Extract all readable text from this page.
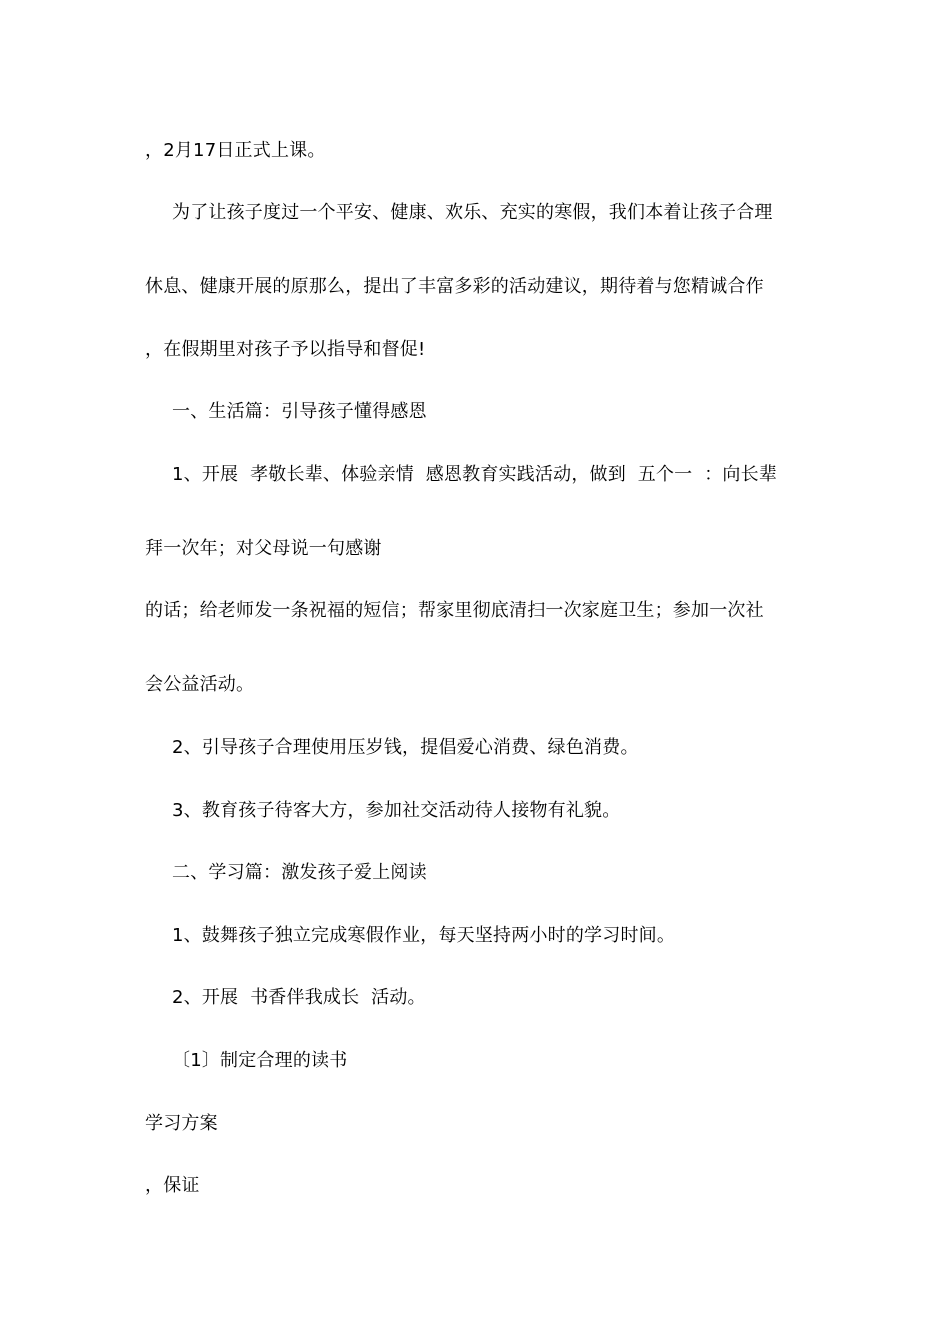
，2月17日正式上课。
为了让孩子度过一个平安、健康、欢乐、充实的寒假，我们本着让孩子合理
休息、健康开展的原那么，提出了丰富多彩的活动建议，期待着与您精诚合作
，在假期里对孩子予以指导和督促!
一、生活篇：引导孩子懂得感恩
1、开展  孝敬长辈、体验亲情  感恩教育实践活动，做到  五个一  ：向长辈
拜一次年；对父母说一句感谢
的话；给老师发一条祝福的短信；帮家里彻底清扫一次家庭卫生；参加一次社
会公益活动。
2、引导孩子合理使用压岁钱，提倡爱心消费、绿色消费。
3、教育孩子待客大方，参加社交活动待人接物有礼貌。
二、学习篇：激发孩子爱上阅读
1、鼓舞孩子独立完成寒假作业，每天坚持两小时的学习时间。
2、开展  书香伴我成长  活动。
〔1〕制定合理的读书
学习方案
，保证
